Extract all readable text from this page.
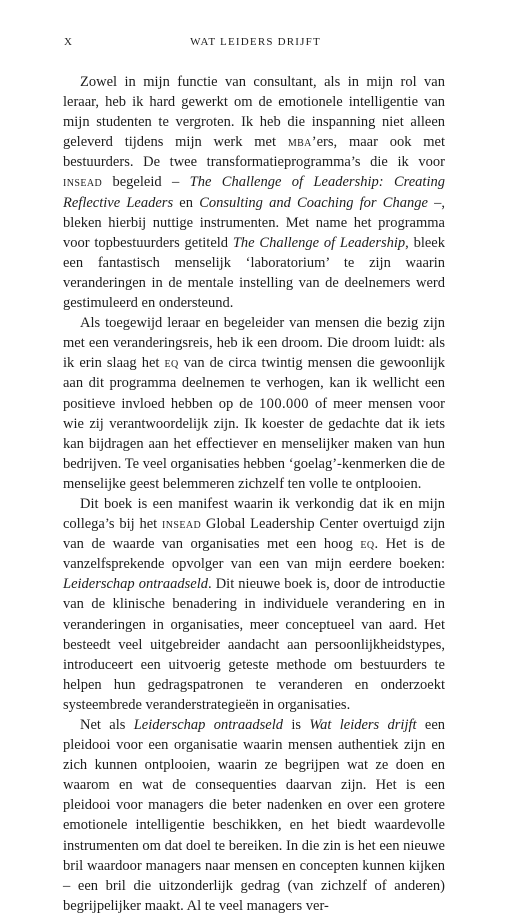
X	WAT LEIDERS DRIJFT

Zowel in mijn functie van consultant, als in mijn rol van leraar, heb ik hard gewerkt om de emotionele intelligentie van mijn studenten te vergroten. Ik heb die inspanning niet alleen geleverd tijdens mijn werk met mba’ers, maar ook met bestuurders. De twee transformatieprogramma’s die ik voor insead begeleid – The Challenge of Leadership: Creating Reflective Leaders en Consulting and Coaching for Change –, bleken hierbij nuttige instrumenten. Met name het programma voor topbestuurders getiteld The Challenge of Leadership, bleek een fantastisch menselijk ‘laboratorium’ te zijn waarin veranderingen in de mentale instelling van de deelnemers werd gestimuleerd en ondersteund.

Als toegewijd leraar en begeleider van mensen die bezig zijn met een veranderingsreis, heb ik een droom. Die droom luidt: als ik erin slaag het eq van de circa twintig mensen die gewoonlijk aan dit programma deelnemen te verhogen, kan ik wellicht een positieve invloed hebben op de 100.000 of meer mensen voor wie zij verantwoordelijk zijn. Ik koester de gedachte dat ik iets kan bijdragen aan het effectiever en menselijker maken van hun bedrijven. Te veel organisaties hebben ‘goelag’-kenmerken die de menselijke geest belemmeren zichzelf ten volle te ontplooien.

Dit boek is een manifest waarin ik verkondig dat ik en mijn collega’s bij het insead Global Leadership Center overtuigd zijn van de waarde van organisaties met een hoog eq. Het is de vanzelfsprekende opvolger van een van mijn eerdere boeken: Leiderschap ontraadseld. Dit nieuwe boek is, door de introductie van de klinische benadering in individuele verandering en in veranderingen in organisaties, meer conceptueel van aard. Het besteedt veel uitgebreider aandacht aan persoonlijkheidstypes, introduceert een uitvoerig geteste methode om bestuurders te helpen hun gedragspatronen te veranderen en onderzoekt systeembrede veranderstrategieën in organisaties.

Net als Leiderschap ontraadseld is Wat leiders drijft een pleidooi voor een organisatie waarin mensen authentiek zijn en zich kunnen ontplooien, waarin ze begrijpen wat ze doen en waarom en wat de consequenties daarvan zijn. Het is een pleidooi voor managers die beter nadenken en over een grotere emotionele intelligentie beschikken, en het biedt waardevolle instrumenten om dat doel te bereiken. In die zin is het een nieuwe bril waardoor managers naar mensen en concepten kunnen kijken – een bril die uitzonderlijk gedrag (van zichzelf of anderen) begrijpelijker maakt. Al te veel managers ver-
